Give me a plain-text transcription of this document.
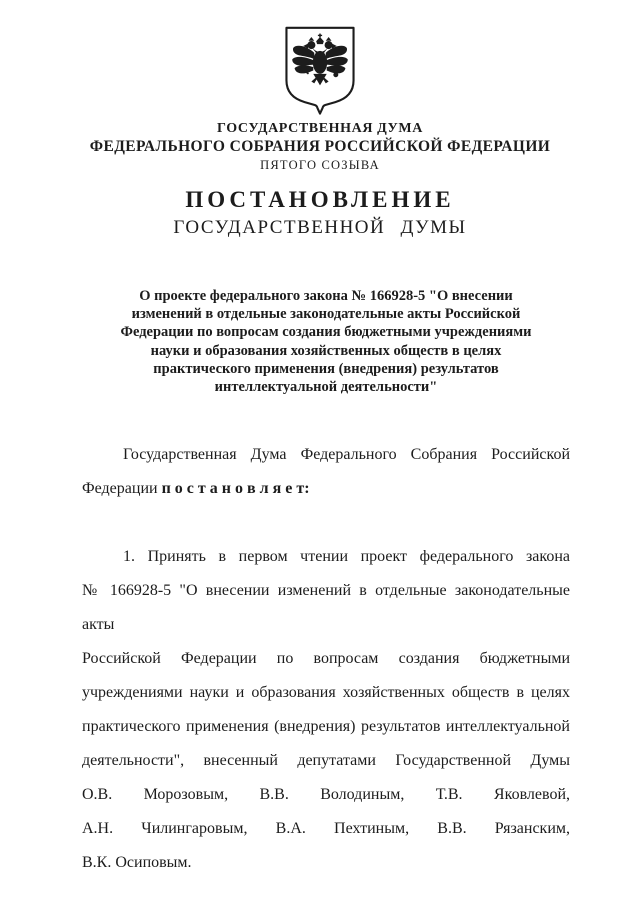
ГОСУДАРСТВЕННАЯ ДУМА
ФЕДЕРАЛЬНОГО СОБРАНИЯ РОССИЙСКОЙ ФЕДЕРАЦИИ
ПЯТОГО СОЗЫВА
ПОСТАНОВЛЕНИЕ
ГОСУДАРСТВЕННОЙ ДУМЫ
О проекте федерального закона № 166928-5 "О внесении
изменений в отдельные законодательные акты Российской
Федерации по вопросам создания бюджетными учреждениями
науки и образования хозяйственных обществ в целях
практического применения (внедрения) результатов
интеллектуальной деятельности"
Государственная Дума Федерального Собрания Российской
Федерации п о с т а н о в л я е т:
1. Принять в первом чтении проект федерального закона
№ 166928-5 "О внесении изменений в отдельные законодательные акты
Российской Федерации по вопросам создания бюджетными
учреждениями науки и образования хозяйственных обществ в целях
практического применения (внедрения) результатов интеллектуальной
деятельности", внесенный депутатами Государственной Думы
О.В. Морозовым, В.В. Володиным, Т.В. Яковлевой,
А.Н. Чилингаровым, В.А. Пехтиным, В.В. Рязанским,
В.К. Осиповым.
